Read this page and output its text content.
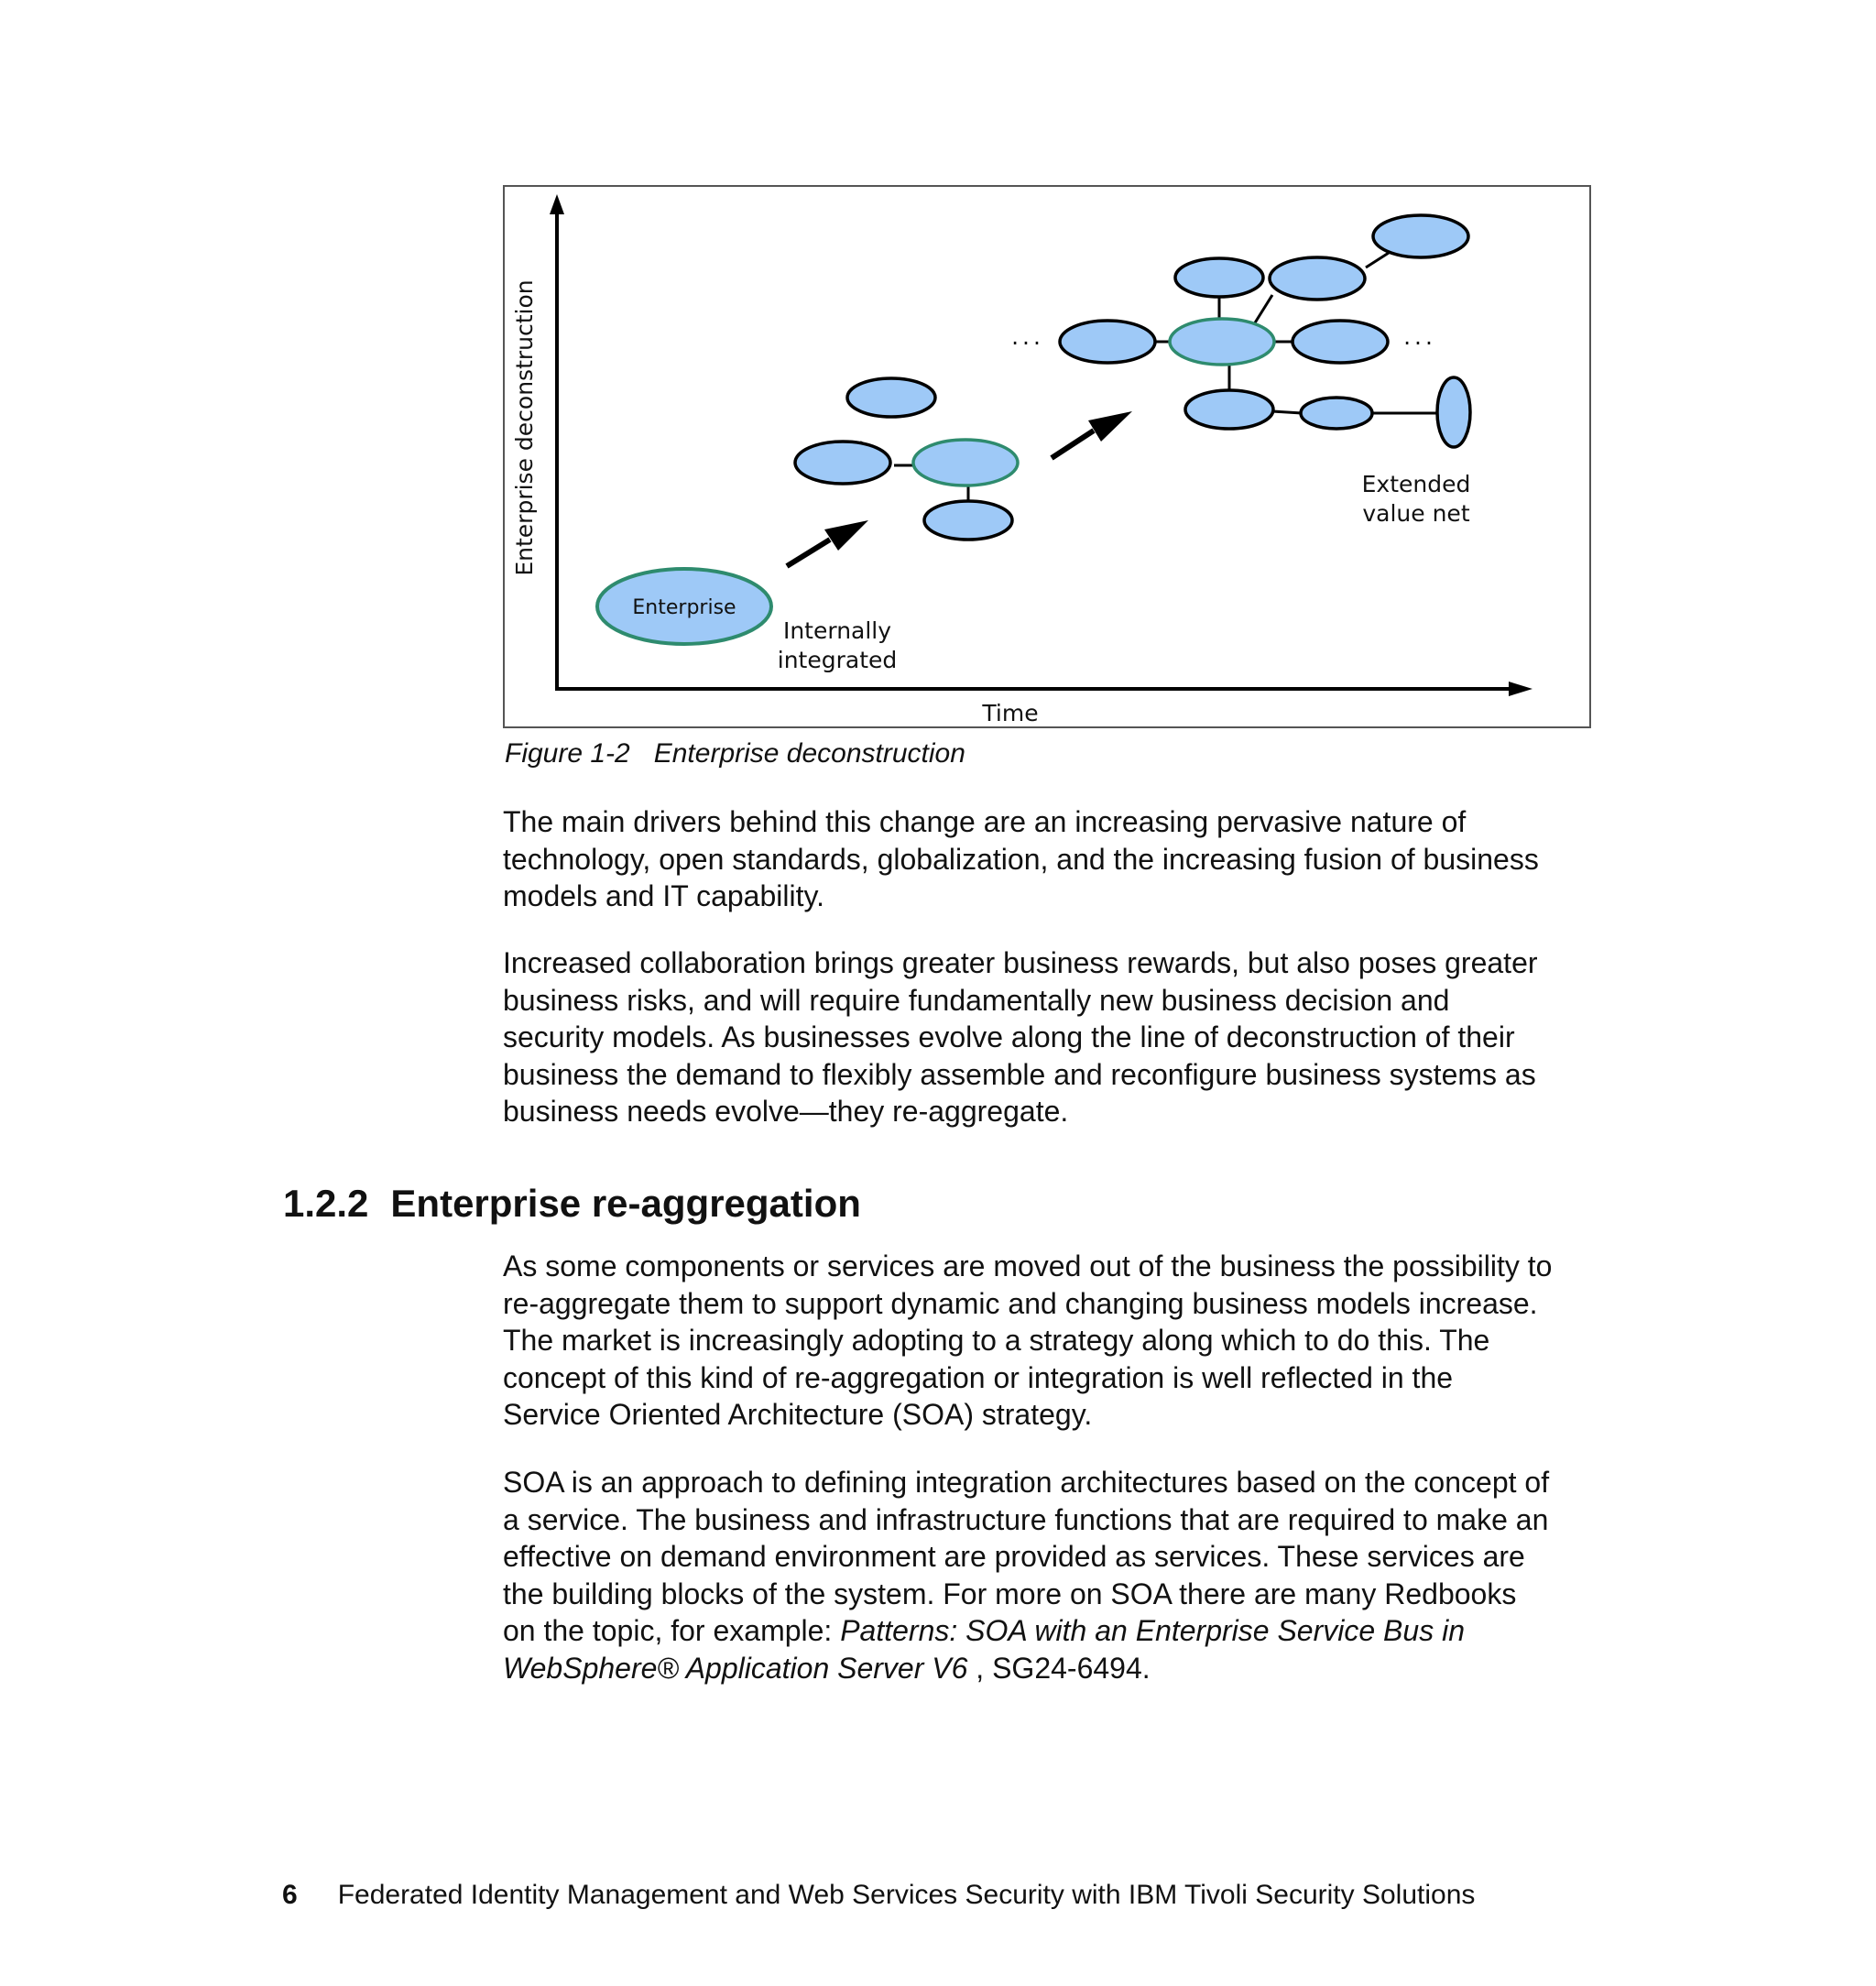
Enterprise deconstruction
Time
Enterprise
Internally
integrated
...	...
Extended
value net
Figure 1-2 Enterprise deconstruction

The main drivers behind this change are an increasing pervasive nature of
technology, open standards, globalization, and the increasing fusion of business
models and IT capability.

Increased collaboration brings greater business rewards, but also poses greater
business risks, and will require fundamentally new business decision and
security models. As businesses evolve along the line of deconstruction of their
business the demand to flexibly assemble and reconfigure business systems as
business needs evolve—they re-aggregate.

1.2.2 Enterprise re-aggregation

As some components or services are moved out of the business the possibility to
re-aggregate them to support dynamic and changing business models increase.
The market is increasingly adopting to a strategy along which to do this. The
concept of this kind of re-aggregation or integration is well reflected in the
Service Oriented Architecture (SOA) strategy.

SOA is an approach to defining integration architectures based on the concept of
a service. The business and infrastructure functions that are required to make an
effective on demand environment are provided as services. These services are
the building blocks of the system. For more on SOA there are many Redbooks
on the topic, for example: Patterns: SOA with an Enterprise Service Bus in
WebSphere® Application Server V6 , SG24-6494.

6 Federated Identity Management and Web Services Security with IBM Tivoli Security Solutions
